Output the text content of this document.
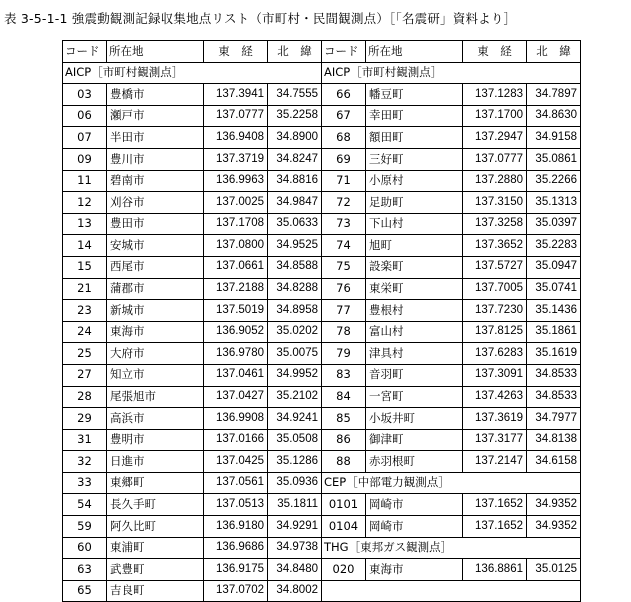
表 3-5-1-1 強震動観測記録収集地点リスト（市町村・民間観測点）［「名震研」資料より］
コード	所在地	東　経	北　緯	コード	所在地	東　経	北　緯
AICP［市町村観測点］				AICP［市町村観測点］			
03	豊橋市	137.3941	34.7555	66	幡豆町	137.1283	34.7897
06	瀬戸市	137.0777	35.2258	67	幸田町	137.1700	34.8630
07	半田市	136.9408	34.8900	68	額田町	137.2947	34.9158
09	豊川市	137.3719	34.8247	69	三好町	137.0777	35.0861
11	碧南市	136.9963	34.8816	71	小原村	137.2880	35.2266
12	刈谷市	137.0025	34.9847	72	足助町	137.3150	35.1313
13	豊田市	137.1708	35.0633	73	下山村	137.3258	35.0397
14	安城市	137.0800	34.9525	74	旭町	137.3652	35.2283
15	西尾市	137.0661	34.8588	75	設楽町	137.5727	35.0947
21	蒲郡市	137.2188	34.8288	76	東栄町	137.7005	35.0741
23	新城市	137.5019	34.8958	77	豊根村	137.7230	35.1436
24	東海市	136.9052	35.0202	78	富山村	137.8125	35.1861
25	大府市	136.9780	35.0075	79	津具村	137.6283	35.1619
27	知立市	137.0461	34.9952	83	音羽町	137.3091	34.8533
28	尾張旭市	137.0427	35.2102	84	一宮町	137.4263	34.8533
29	高浜市	136.9908	34.9241	85	小坂井町	137.3619	34.7977
31	豊明市	137.0166	35.0508	86	御津町	137.3177	34.8138
32	日進市	137.0425	35.1286	88	赤羽根町	137.2147	34.6158
33	東郷町	137.0561	35.0936	CEP［中部電力観測点］			
54	長久手町	137.0513	35.1811	0101	岡崎市	137.1652	34.9352
59	阿久比町	136.9180	34.9291	0104	岡崎市	137.1652	34.9352
60	東浦町	136.9686	34.9738	THG［東邦ガス観測点］			
63	武豊町	136.9175	34.8480	020	東海市	136.8861	35.0125
65	吉良町	137.0702	34.8002				
